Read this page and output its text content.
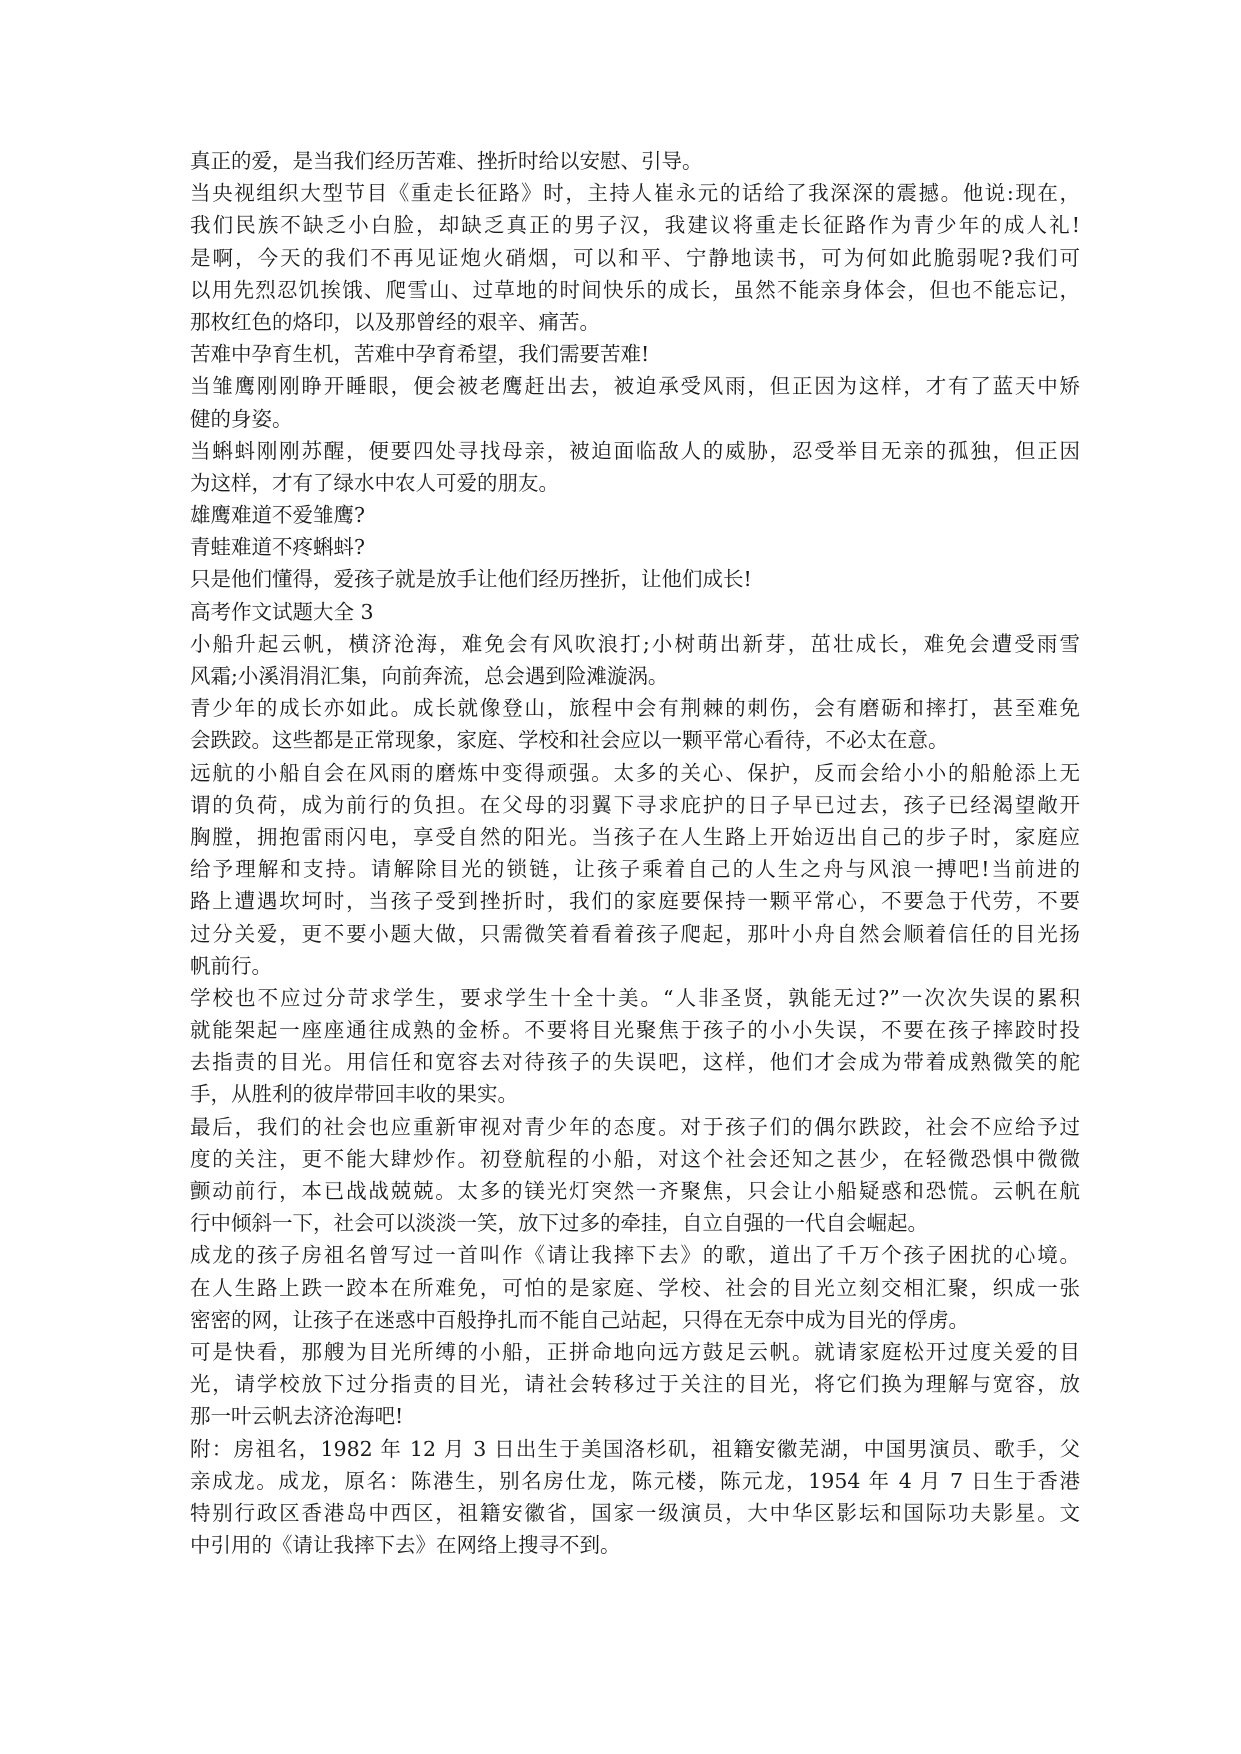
真正的爱，是当我们经历苦难、挫折时给以安慰、引导。
当央视组织大型节目《重走长征路》时，主持人崔永元的话给了我深深的震撼。他说:现在，
我们民族不缺乏小白脸，却缺乏真正的男子汉，我建议将重走长征路作为青少年的成人礼!
是啊，今天的我们不再见证炮火硝烟，可以和平、宁静地读书，可为何如此脆弱呢?我们可
以用先烈忍饥挨饿、爬雪山、过草地的时间快乐的成长，虽然不能亲身体会，但也不能忘记，
那枚红色的烙印，以及那曾经的艰辛、痛苦。
苦难中孕育生机，苦难中孕育希望，我们需要苦难!
当雏鹰刚刚睁开睡眼，便会被老鹰赶出去，被迫承受风雨，但正因为这样，才有了蓝天中矫
健的身姿。
当蝌蚪刚刚苏醒，便要四处寻找母亲，被迫面临敌人的威胁，忍受举目无亲的孤独，但正因
为这样，才有了绿水中农人可爱的朋友。
雄鹰难道不爱雏鹰?
青蛙难道不疼蝌蚪?
只是他们懂得，爱孩子就是放手让他们经历挫折，让他们成长!
高考作文试题大全 3
小船升起云帆，横济沧海，难免会有风吹浪打;小树萌出新芽，茁壮成长，难免会遭受雨雪
风霜;小溪涓涓汇集，向前奔流，总会遇到险滩漩涡。
青少年的成长亦如此。成长就像登山，旅程中会有荆棘的刺伤，会有磨砺和摔打，甚至难免
会跌跤。这些都是正常现象，家庭、学校和社会应以一颗平常心看待，不必太在意。
远航的小船自会在风雨的磨炼中变得顽强。太多的关心、保护，反而会给小小的船舱添上无
谓的负荷，成为前行的负担。在父母的羽翼下寻求庇护的日子早已过去，孩子已经渴望敞开
胸膛，拥抱雷雨闪电，享受自然的阳光。当孩子在人生路上开始迈出自己的步子时，家庭应
给予理解和支持。请解除目光的锁链，让孩子乘着自己的人生之舟与风浪一搏吧!当前进的
路上遭遇坎坷时，当孩子受到挫折时，我们的家庭要保持一颗平常心，不要急于代劳，不要
过分关爱，更不要小题大做，只需微笑着看着孩子爬起，那叶小舟自然会顺着信任的目光扬
帆前行。
学校也不应过分苛求学生，要求学生十全十美。“人非圣贤，孰能无过?”一次次失误的累积
就能架起一座座通往成熟的金桥。不要将目光聚焦于孩子的小小失误，不要在孩子摔跤时投
去指责的目光。用信任和宽容去对待孩子的失误吧，这样，他们才会成为带着成熟微笑的舵
手，从胜利的彼岸带回丰收的果实。
最后，我们的社会也应重新审视对青少年的态度。对于孩子们的偶尔跌跤，社会不应给予过
度的关注，更不能大肆炒作。初登航程的小船，对这个社会还知之甚少，在轻微恐惧中微微
颤动前行，本已战战兢兢。太多的镁光灯突然一齐聚焦，只会让小船疑惑和恐慌。云帆在航
行中倾斜一下，社会可以淡淡一笑，放下过多的牵挂，自立自强的一代自会崛起。
成龙的孩子房祖名曾写过一首叫作《请让我摔下去》的歌，道出了千万个孩子困扰的心境。
在人生路上跌一跤本在所难免，可怕的是家庭、学校、社会的目光立刻交相汇聚，织成一张
密密的网，让孩子在迷惑中百般挣扎而不能自己站起，只得在无奈中成为目光的俘虏。
可是快看，那艘为目光所缚的小船，正拼命地向远方鼓足云帆。就请家庭松开过度关爱的目
光，请学校放下过分指责的目光，请社会转移过于关注的目光，将它们换为理解与宽容，放
那一叶云帆去济沧海吧!
附：房祖名，1982 年 12 月 3 日出生于美国洛杉矶，祖籍安徽芜湖，中国男演员、歌手，父
亲成龙。成龙，原名：陈港生，别名房仕龙，陈元楼，陈元龙，1954 年 4 月 7 日生于香港
特别行政区香港岛中西区，祖籍安徽省，国家一级演员，大中华区影坛和国际功夫影星。文
中引用的《请让我摔下去》在网络上搜寻不到。
